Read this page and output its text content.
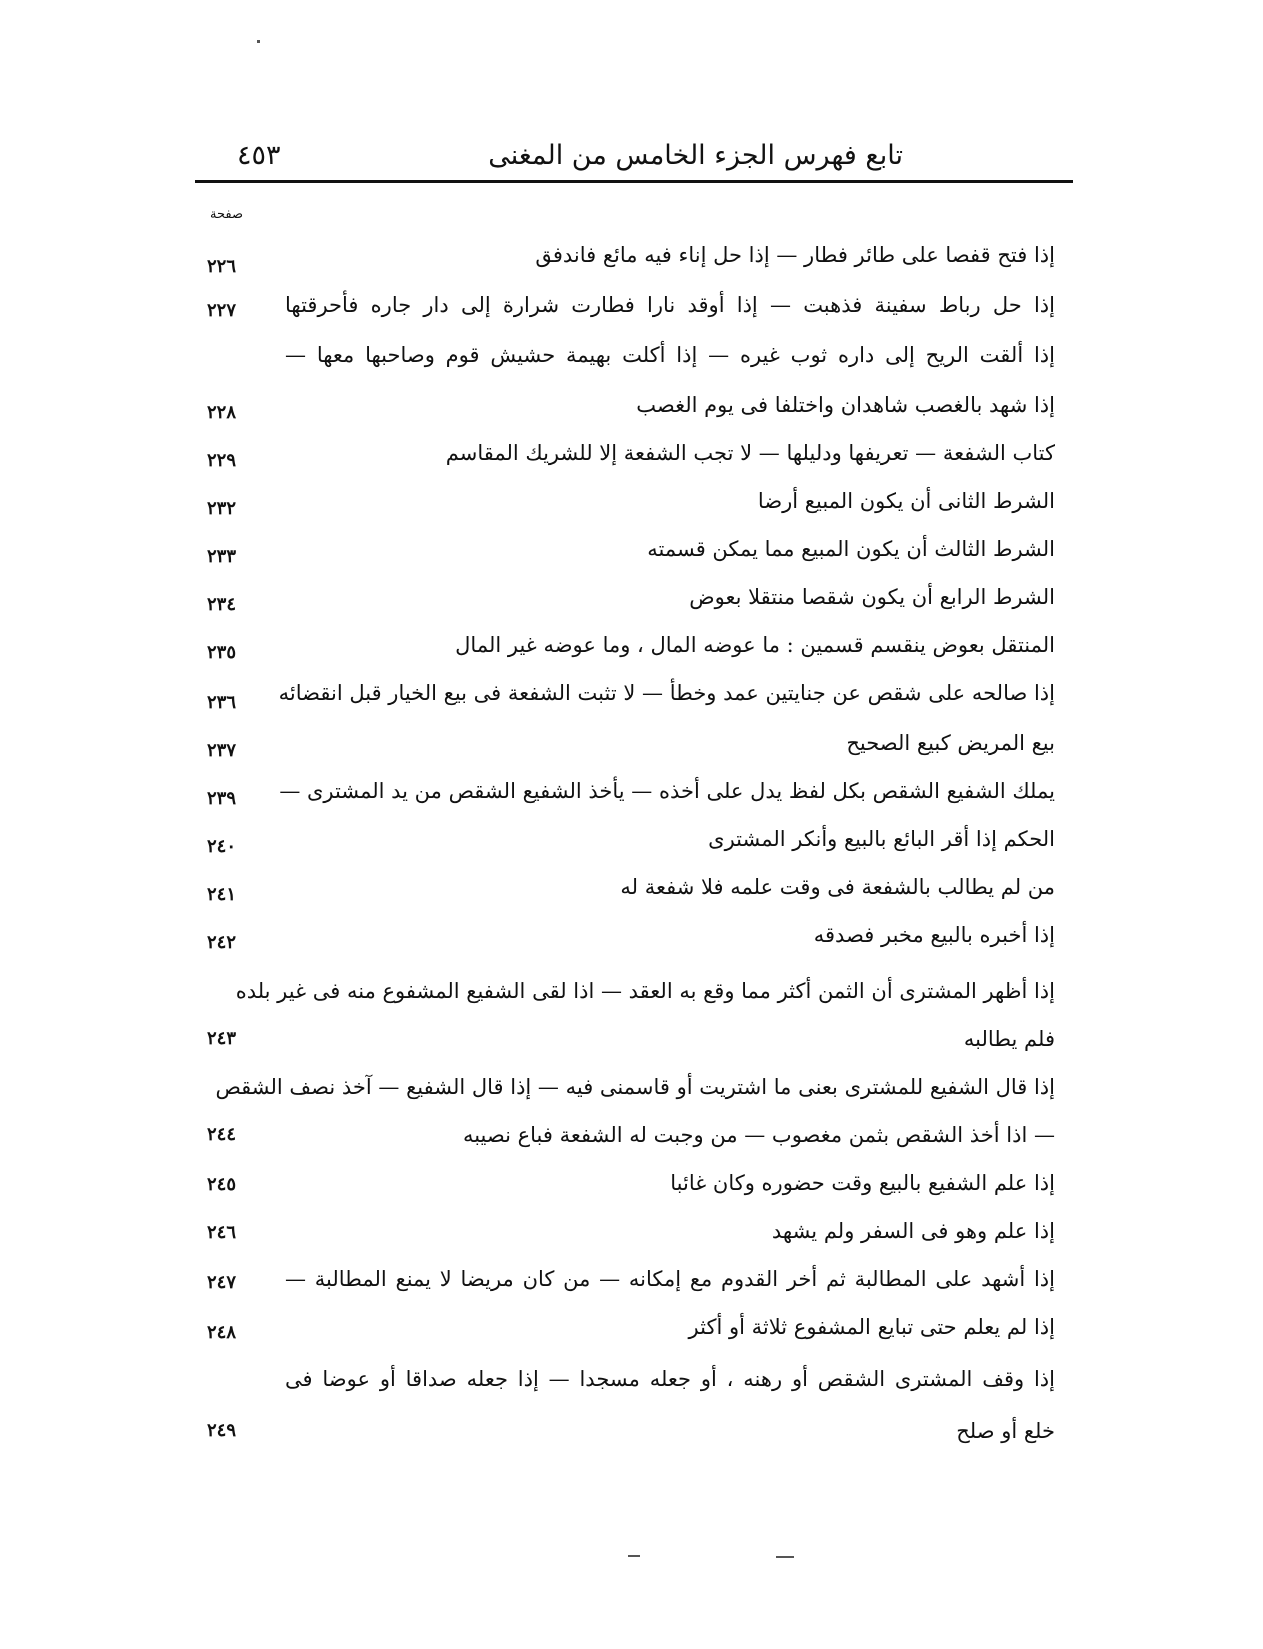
تابع فهرس الجزء الخامس من المغنى
٤٥٣
صفحة
إذا فتح قفصا على طائر فطار — إذا حل إناء فيه مائع فاندفق
٢٢٦
إذا حل رباط سفينة فذهبت — إذا أوقد نارا فطارت شرارة إلى دار جاره فأحرقتها
٢٢٧
إذا ألقت الريح إلى داره ثوب غيره — إذا أكلت بهيمة حشيش قوم وصاحبها معها —
إذا شهد بالغصب شاهدان واختلفا فى يوم الغصب
٢٢٨
كتاب الشفعة — تعريفها ودليلها — لا تجب الشفعة إلا للشريك المقاسم
٢٢٩
الشرط الثانى أن يكون المبيع أرضا
٢٣٢
الشرط الثالث أن يكون المبيع مما يمكن قسمته
٢٣٣
الشرط الرابع أن يكون شقصا منتقلا بعوض
٢٣٤
المنتقل بعوض ينقسم قسمين : ما عوضه المال ، وما عوضه غير المال
٢٣٥
إذا صالحه على شقص عن جنايتين عمد وخطأ — لا تثبت الشفعة فى بيع الخيار قبل انقضائه
٢٣٦
بيع المريض كبيع الصحيح
٢٣٧
يملك الشفيع الشقص بكل لفظ يدل على أخذه — يأخذ الشفيع الشقص من يد المشترى —
٢٣٩
الحكم إذا أقر البائع بالبيع وأنكر المشترى
٢٤٠
من لم يطالب بالشفعة فى وقت علمه فلا شفعة له
٢٤١
إذا أخبره بالبيع مخبر فصدقه
٢٤٢
إذا أظهر المشترى أن الثمن أكثر مما وقع به العقد — اذا لقى الشفيع المشفوع منه فى غير بلده
فلم يطالبه
٢٤٣
إذا قال الشفيع للمشترى بعنى ما اشتريت أو قاسمنى فيه — إذا قال الشفيع — آخذ نصف الشقص
— اذا أخذ الشقص بثمن مغصوب — من وجبت له الشفعة فباع نصيبه
٢٤٤
إذا علم الشفيع بالبيع وقت حضوره وكان غائبا
٢٤٥
إذا علم وهو فى السفر ولم يشهد
٢٤٦
إذا أشهد على المطالبة ثم أخر القدوم مع إمكانه — من كان مريضا لا يمنع المطالبة —
٢٤٧
إذا لم يعلم حتى تبايع المشفوع ثلاثة أو أكثر
٢٤٨
إذا وقف المشترى الشقص أو رهنه ، أو جعله مسجدا — إذا جعله صداقا أو عوضا فى
خلع أو صلح
٢٤٩
